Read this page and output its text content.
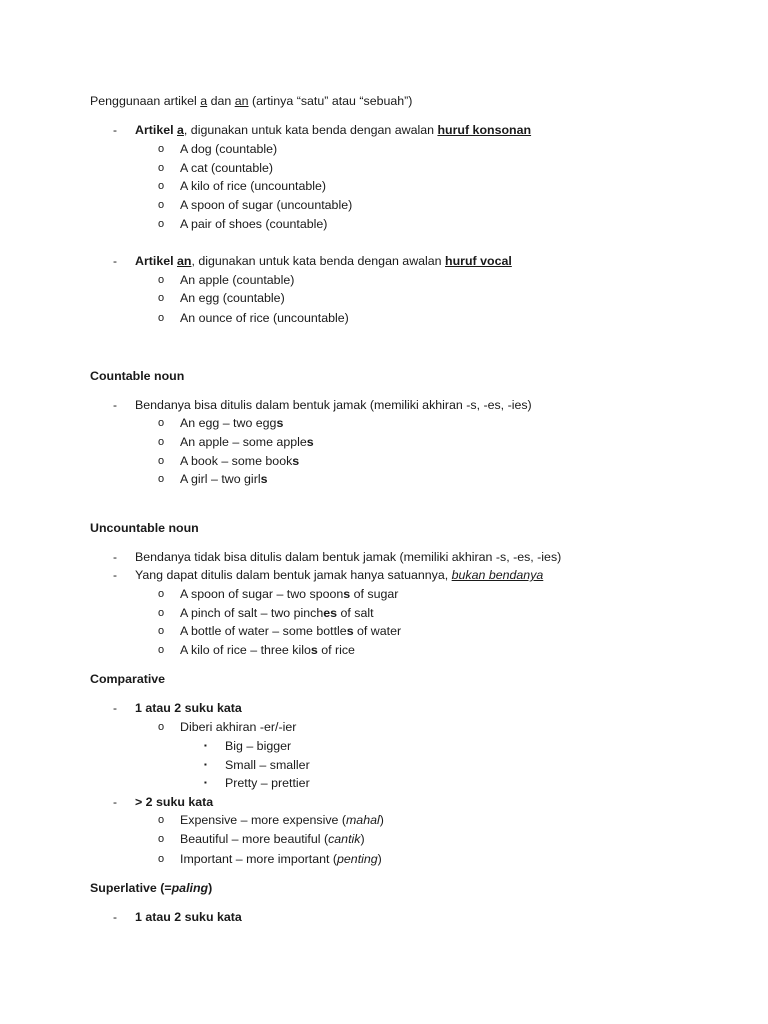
Penggunaan artikel a dan an (artinya “satu” atau “sebuah”)
- Artikel a, digunakan untuk kata benda dengan awalan huruf konsonan
o A dog (countable)
o A cat (countable)
o A kilo of rice (uncountable)
o A spoon of sugar (uncountable)
o A pair of shoes (countable)
- Artikel an, digunakan untuk kata benda dengan awalan huruf vocal
o An apple (countable)
o An egg (countable)
o An ounce of rice (uncountable)
Countable noun
- Bendanya bisa ditulis dalam bentuk jamak (memiliki akhiran -s, -es, -ies)
o An egg – two eggs
o An apple – some apples
o A book – some books
o A girl – two girls
Uncountable noun
- Bendanya tidak bisa ditulis dalam bentuk jamak (memiliki akhiran -s, -es, -ies)
- Yang dapat ditulis dalam bentuk jamak hanya satuannya, bukan bendanya
o A spoon of sugar – two spoons of sugar
o A pinch of salt – two pinches of salt
o A bottle of water – some bottles of water
o A kilo of rice – three kilos of rice
Comparative
- 1 atau 2 suku kata
o Diberi akhiran -er/-ier
▪ Big – bigger
▪ Small – smaller
▪ Pretty – prettier
- > 2 suku kata
o Expensive – more expensive (mahal)
o Beautiful – more beautiful (cantik)
o Important – more important (penting)
Superlative (=paling)
- 1 atau 2 suku kata
